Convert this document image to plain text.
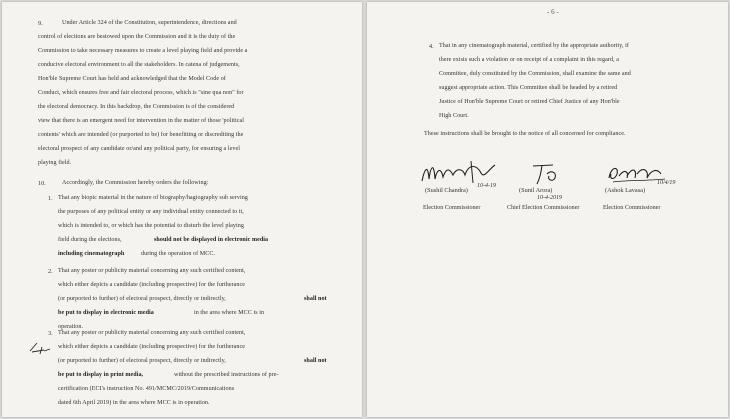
9.	Under Article 324 of the Constitution, superintendence, directions and
control of elections are bestowed upon the Commission and it is the duty of the
Commission to take necessary measures to create a level playing field and provide a
conducive electoral environment to all the stakeholders. In catena of judgements,
Hon'ble Supreme Court has held and acknowledged that the Model Code of
Conduct, which ensures free and fair electoral process, which is "sine qua non" for
the electoral democracy. In this backdrop, the Commission is of the considered
view that there is an emergent need for intervention in the matter of those 'political
contents' which are intended (or purported to be) for benefitting or discrediting the
electoral prospect of any candidate or/and any political party, for ensuring a level
playing field.
10.	Accordingly, the Commission hereby orders the following:
1. That any biopic material in the nature of biography/hagiography sub serving
the purposes of any political entity or any individual entity connected to it,
which is intended to, or which has the potential to disturb the level playing
field during the elections,	should not be displayed in electronic media
including cinematograph	during the operation of MCC.
2. That any poster or publicity material concerning any such certified content,
which either depicts a candidate (including prospective) for the furtherance
(or purported to further) of electoral prospect, directly or indirectly,	shall not
be put to display in electronic media	in the area where MCC is in
operation.
3. That any poster or publicity material concerning any such certified content,
which either depicts a candidate (including prospective) for the furtherance
(or purported to further) of electoral prospect, directly or indirectly,	shall not
be put to display in print media,	without the prescribed instructions of pre-
certification (ECI's instruction No. 491/MCMC/2019/Communications
dated 6th April 2019) in the area where MCC is in operation.
- 6 -
4. That in any cinematograph material, certified by the appropriate authority, if
there exists such a violation or on receipt of a complaint in this regard, a
Committee, duly constituted by the Commission, shall examine the same and
suggest appropriate action. This Committee shall be headed by a retired
Justice of Hon'ble Supreme Court or retired Chief Justice of any Hon'ble
High Court.
These instructions shall be brought to the notice of all concerned for compliance.
(Sushil Chandra)
10-4-19
Election Commissioner
(Sunil Arora)
10-4-2019
Chief Election Commissioner
(Ashok Lavasa)
10/4/19
Election Commissioner
